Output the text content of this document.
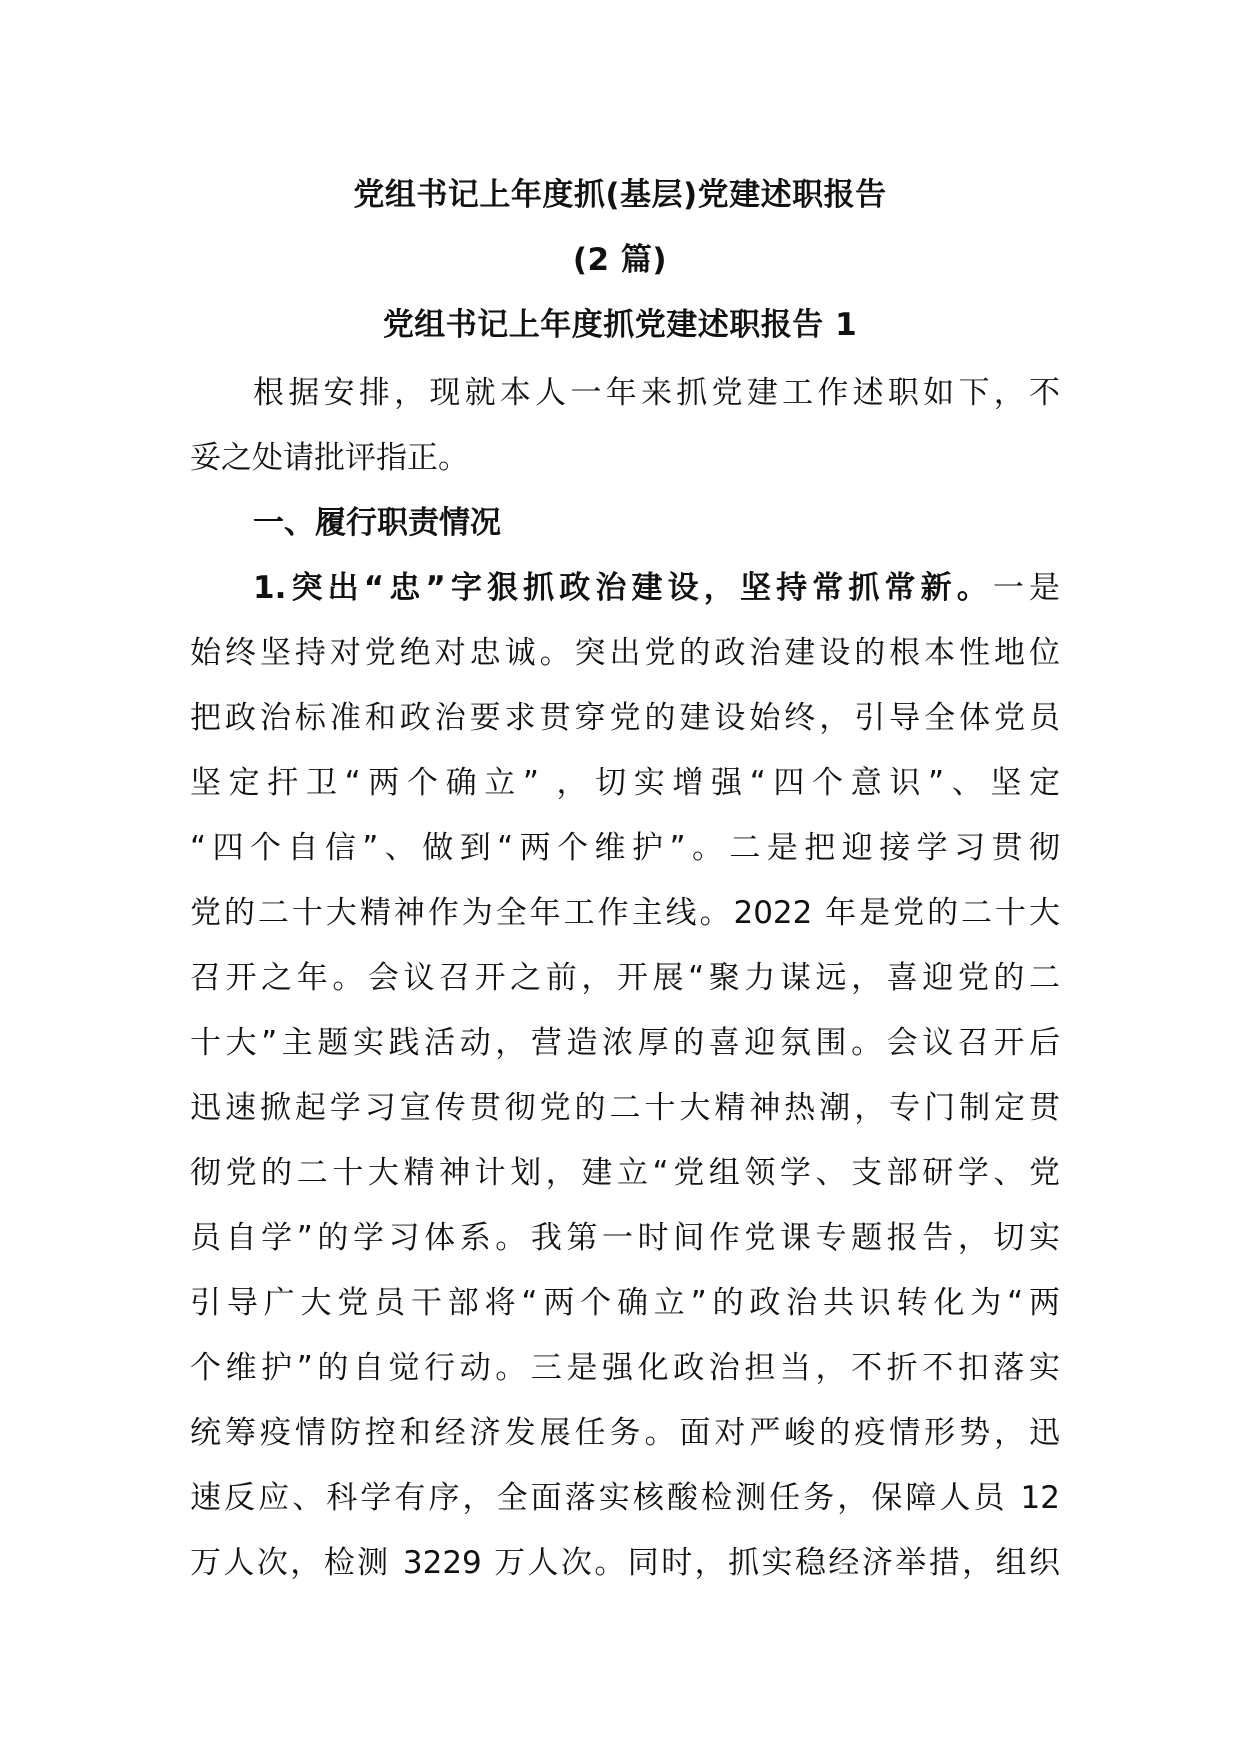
党组书记上年度抓(基层)党建述职报告
(2 篇)
党组书记上年度抓党建述职报告 1
根据安排，现就本人一年来抓党建工作述职如下，不
妥之处请批评指正。
一、履行职责情况
1.突出“忠”字狠抓政治建设，坚持常抓常新。一是
始终坚持对党绝对忠诚。突出党的政治建设的根本性地位
把政治标准和政治要求贯穿党的建设始终，引导全体党员
坚定扞卫“两个确立” ，切实增强“四个意识”、坚定
“四个自信”、做到“两个维护”。二是把迎接学习贯彻
党的二十大精神作为全年工作主线。2022 年是党的二十大
召开之年。会议召开之前，开展“聚力谋远，喜迎党的二
十大”主题实践活动，营造浓厚的喜迎氛围。会议召开后
迅速掀起学习宣传贯彻党的二十大精神热潮，专门制定贯
彻党的二十大精神计划，建立“党组领学、支部研学、党
员自学”的学习体系。我第一时间作党课专题报告，切实
引导广大党员干部将“两个确立”的政治共识转化为“两
个维护”的自觉行动。三是强化政治担当，不折不扣落实
统筹疫情防控和经济发展任务。面对严峻的疫情形势，迅
速反应、科学有序，全面落实核酸检测任务，保障人员 12
万人次，检测 3229 万人次。同时，抓实稳经济举措，组织
